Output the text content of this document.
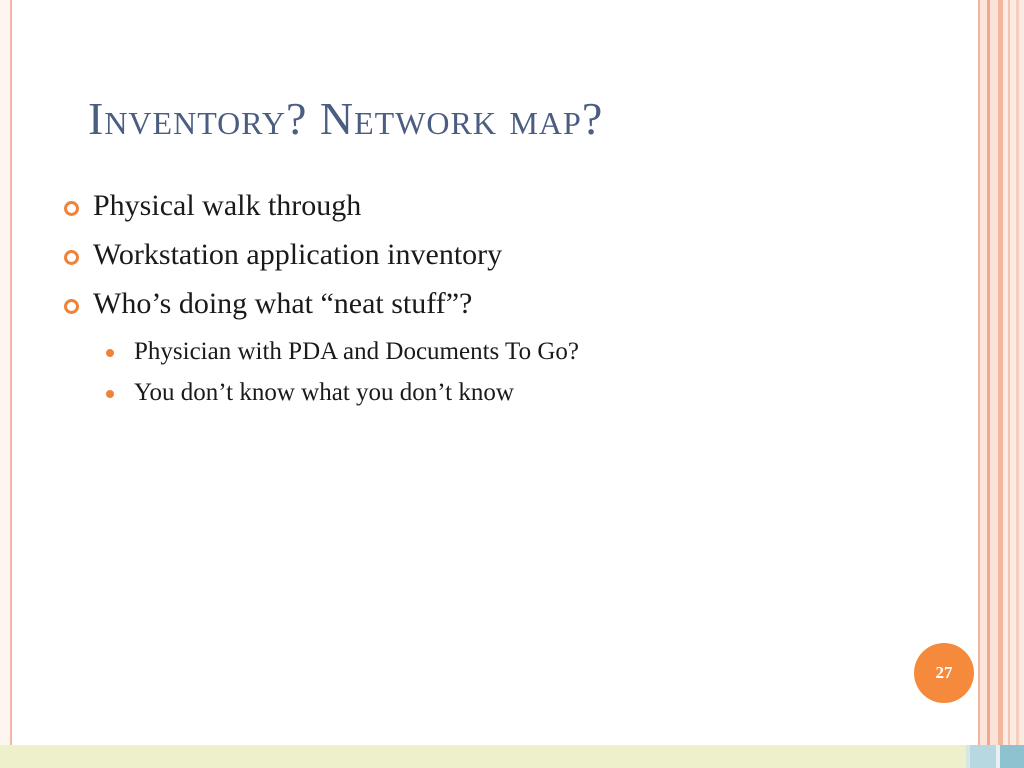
Inventory? Network map?
Physical walk through
Workstation application inventory
Who’s doing what “neat stuff”?
Physician with PDA and Documents To Go?
You don’t know what you don’t know
27
